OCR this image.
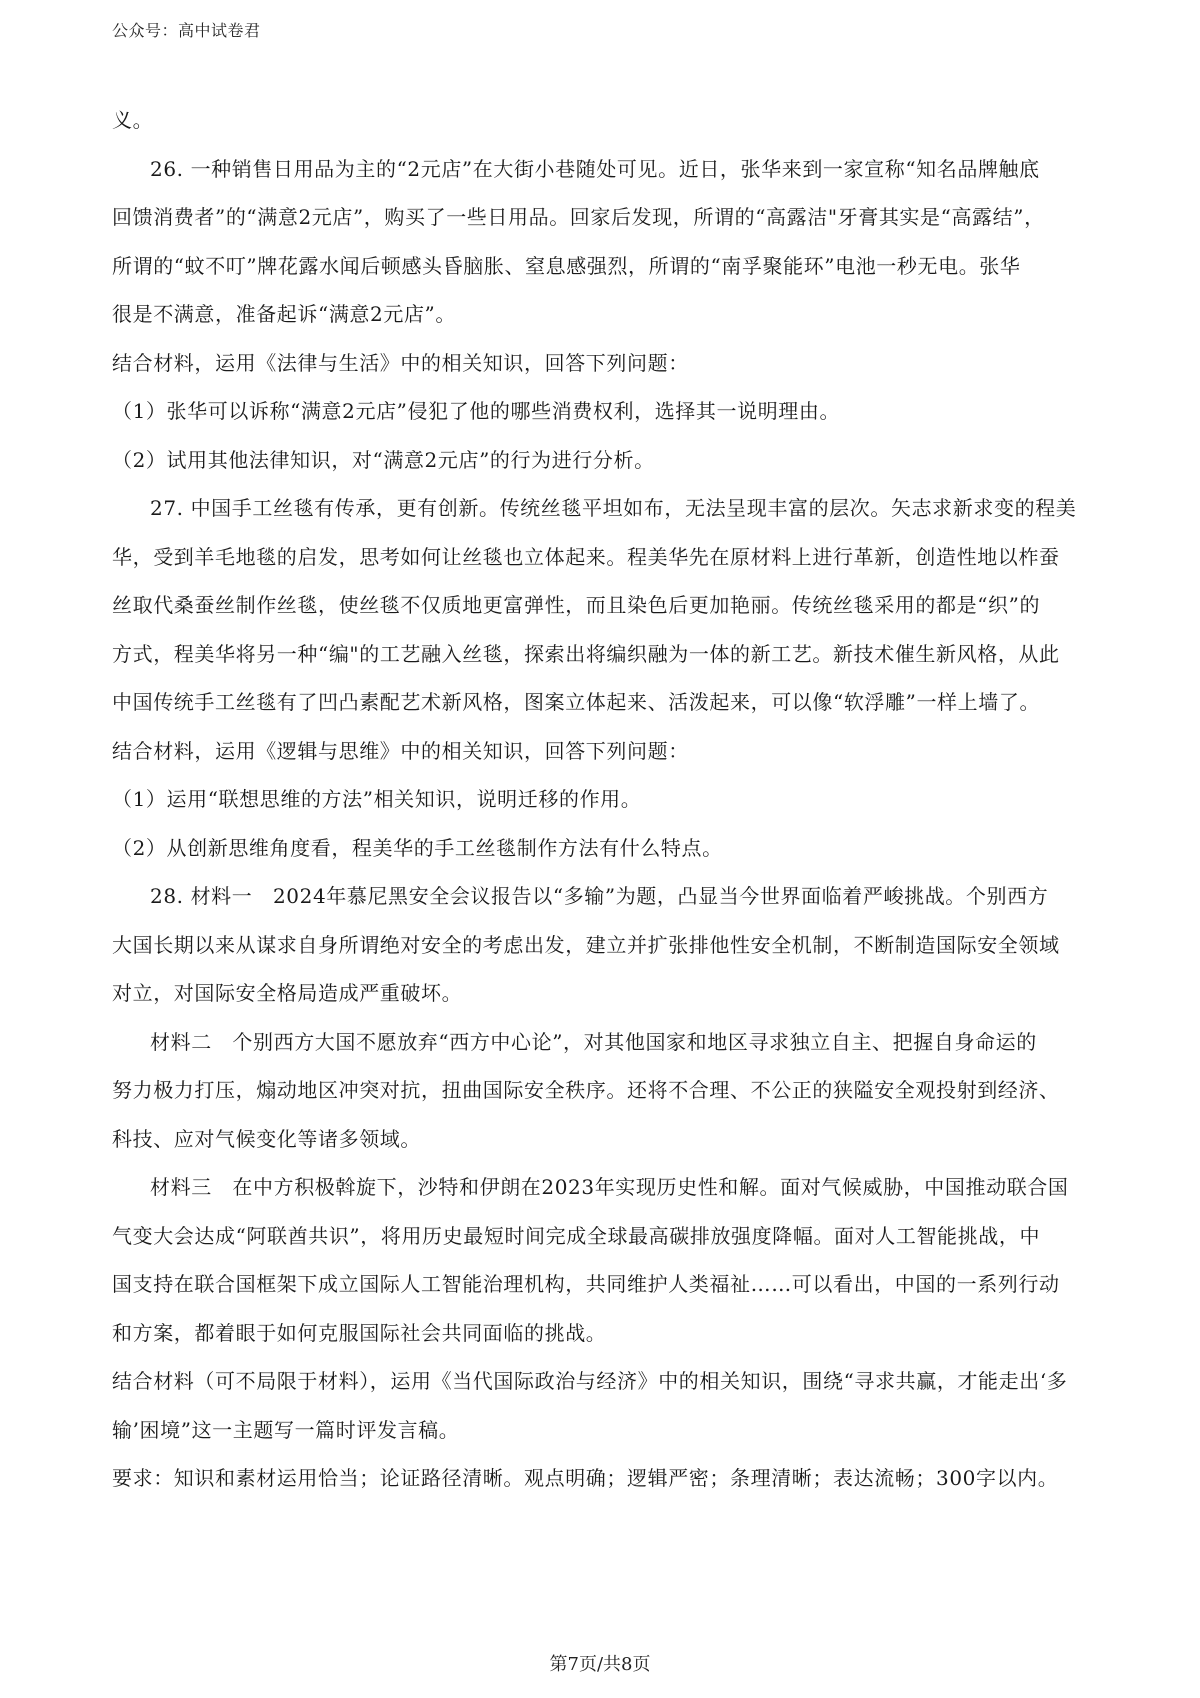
公众号：高中试卷君
义。
26. 一种销售日用品为主的“2元店”在大街小巷随处可见。近日，张华来到一家宣称“知名品牌触底
回馈消费者”的“满意2元店”，购买了一些日用品。回家后发现，所谓的“高露洁"牙膏其实是“高露结”，
所谓的“蚊不叮”牌花露水闻后顿感头昏脑胀、窒息感强烈，所谓的“南孚聚能环”电池一秒无电。张华
很是不满意，准备起诉“满意2元店”。
结合材料，运用《法律与生活》中的相关知识，回答下列问题：
（1）张华可以诉称“满意2元店”侵犯了他的哪些消费权利，选择其一说明理由。
（2）试用其他法律知识，对“满意2元店”的行为进行分析。
27. 中国手工丝毯有传承，更有创新。传统丝毯平坦如布，无法呈现丰富的层次。矢志求新求变的程美
华，受到羊毛地毯的启发，思考如何让丝毯也立体起来。程美华先在原材料上进行革新，创造性地以柞蚕
丝取代桑蚕丝制作丝毯，使丝毯不仅质地更富弹性，而且染色后更加艳丽。传统丝毯采用的都是“织”的
方式，程美华将另一种“编"的工艺融入丝毯，探索出将编织融为一体的新工艺。新技术催生新风格，从此
中国传统手工丝毯有了凹凸素配艺术新风格，图案立体起来、活泼起来，可以像“软浮雕”一样上墙了。
结合材料，运用《逻辑与思维》中的相关知识，回答下列问题：
（1）运用“联想思维的方法”相关知识，说明迁移的作用。
（2）从创新思维角度看，程美华的手工丝毯制作方法有什么特点。
28. 材料一　2024年慕尼黑安全会议报告以“多输”为题，凸显当今世界面临着严峻挑战。个别西方
大国长期以来从谋求自身所谓绝对安全的考虑出发，建立并扩张排他性安全机制，不断制造国际安全领域
对立，对国际安全格局造成严重破坏。
材料二　个别西方大国不愿放弃“西方中心论”，对其他国家和地区寻求独立自主、把握自身命运的
努力极力打压，煽动地区冲突对抗，扭曲国际安全秩序。还将不合理、不公正的狭隘安全观投射到经济、
科技、应对气候变化等诸多领域。
材料三　在中方积极斡旋下，沙特和伊朗在2023年实现历史性和解。面对气候威胁，中国推动联合国
气变大会达成“阿联酋共识”，将用历史最短时间完成全球最高碳排放强度降幅。面对人工智能挑战，中
国支持在联合国框架下成立国际人工智能治理机构，共同维护人类福祉……可以看出，中国的一系列行动
和方案，都着眼于如何克服国际社会共同面临的挑战。
结合材料（可不局限于材料），运用《当代国际政治与经济》中的相关知识，围绕“寻求共赢，才能走出‘多
输’困境”这一主题写一篇时评发言稿。
要求：知识和素材运用恰当；论证路径清晰。观点明确；逻辑严密；条理清晰；表达流畅；300字以内。
第7页/共8页
